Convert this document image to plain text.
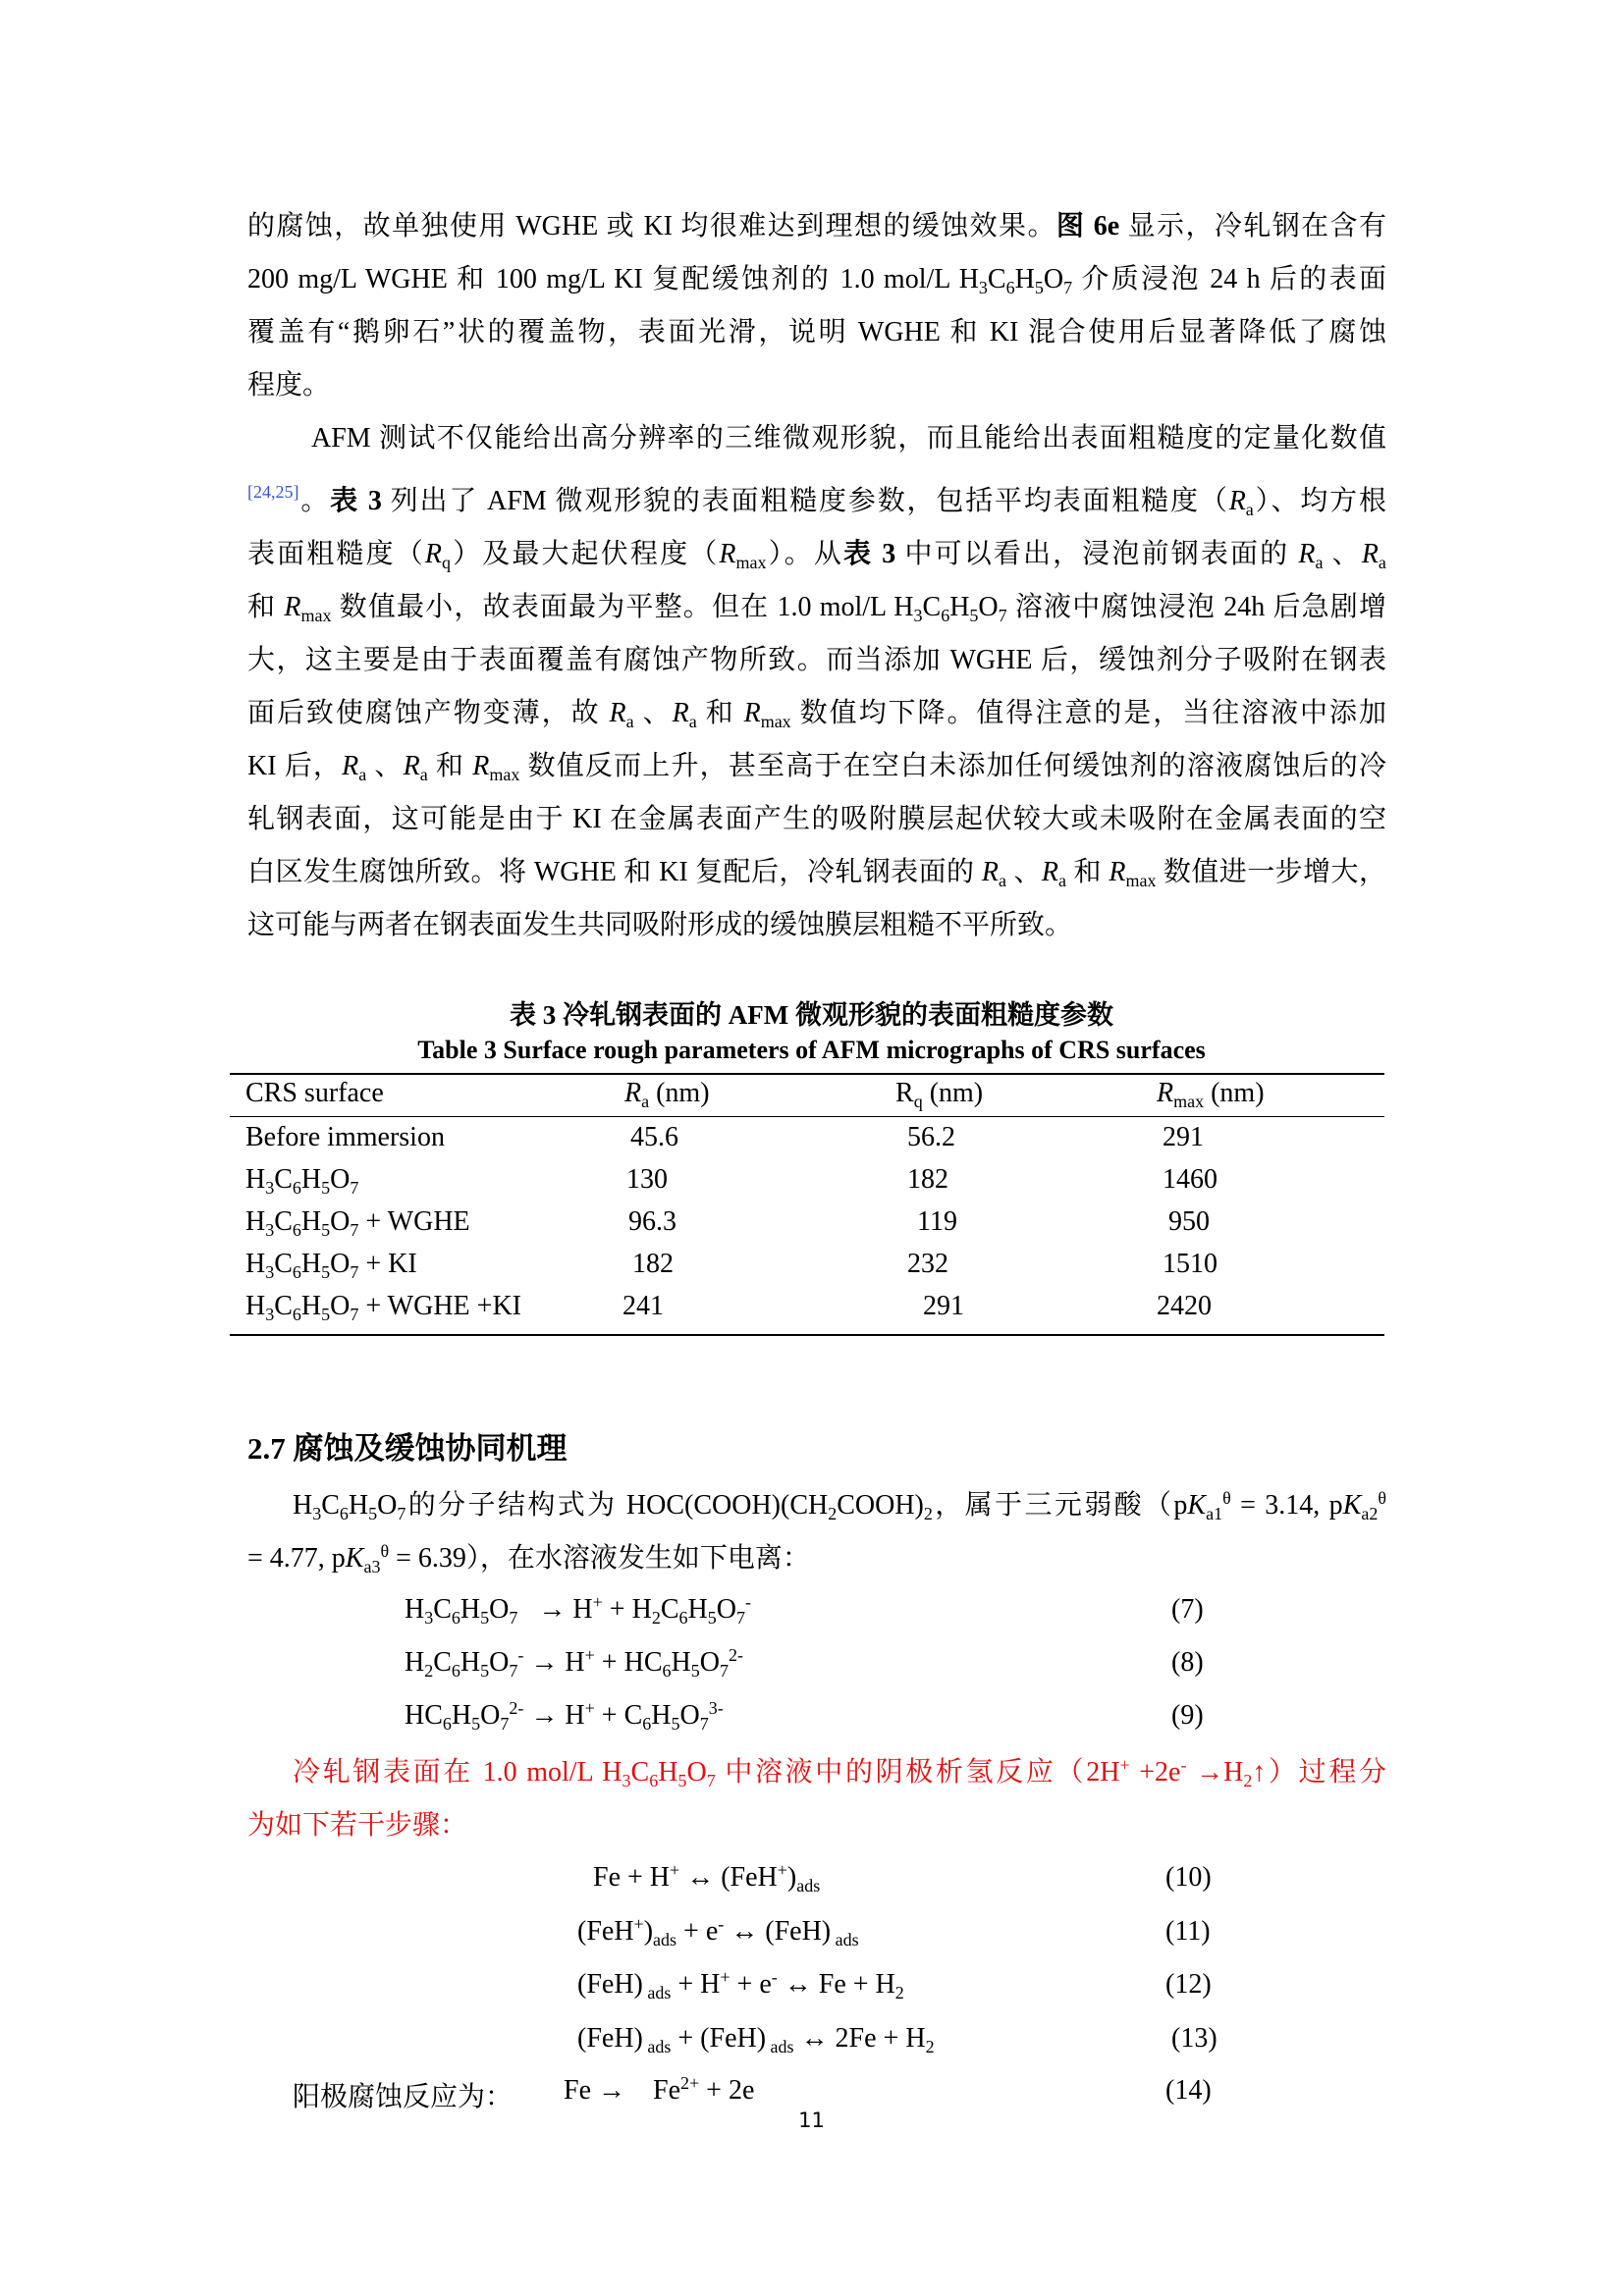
的腐蚀，故单独使用 WGHE 或 KI 均很难达到理想的缓蚀效果。图 6e 显示，冷轧钢在含有
200 mg/L WGHE 和 100 mg/L KI 复配缓蚀剂的 1.0 mol/L $H_3C_6H_5O_7$ 介质浸泡 24 h 后的表面
覆盖有“鹅卵石”状的覆盖物，表面光滑，说明 WGHE 和 KI 混合使用后显著降低了腐蚀
程度。
AFM 测试不仅能给出高分辨率的三维微观形貌，而且能给出表面粗糙度的定量化数值
[24,25]。表 3 列出了 AFM 微观形貌的表面粗糙度参数，包括平均表面粗糙度$(R_a)$、均方根
表面粗糙度$(R_q)$及最大起伏程度$(R_{max})$。从表 3 中可以看出，浸泡前钢表面的 $R_a$ 、$R_a$
和 $R_{max}$ 数值最小，故表面最为平整。但在 1.0 mol/L $H_3C_6H_5O_7$ 溶液中腐蚀浸泡 24h 后急剧增
大，这主要是由于表面覆盖有腐蚀产物所致。而当添加 WGHE 后，缓蚀剂分子吸附在钢表
面后致使腐蚀产物变薄，故 $R_a$ 、$R_a$ 和 $R_{max}$ 数值均下降。值得注意的是，当往溶液中添加
KI 后，$R_a$ 、$R_a$ 和 $R_{max}$ 数值反而上升，甚至高于在空白未添加任何缓蚀剂的溶液腐蚀后的冷
轧钢表面，这可能是由于 KI 在金属表面产生的吸附膜层起伏较大或未吸附在金属表面的空
白区发生腐蚀所致。将 WGHE 和 KI 复配后，冷轧钢表面的 $R_a$ 、$R_a$ 和 $R_{max}$ 数值进一步增大，
这可能与两者在钢表面发生共同吸附形成的缓蚀膜层粗糙不平所致。
表 3 冷轧钢表面的 AFM 微观形貌的表面粗糙度参数
Table 3 Surface rough parameters of AFM micrographs of CRS surfaces
CRS surface	$R_a$ (nm)	$R_q$ (nm)	$R_{max}$ (nm)
Before immersion	45.6	56.2	291
$H_3C_6H_5O_7$	130	182	1460
$H_3C_6H_5O_7$ + WGHE	96.3	119	950
$H_3C_6H_5O_7$ + KI	182	232	1510
$H_3C_6H_5O_7$ + WGHE +KI	241	291	2420
2.7 腐蚀及缓蚀协同机理
$H_3C_6H_5O_7$的分子结构式为 $HOC(COOH)(CH_2COOH)_2$，属于三元弱酸（$pK_{a1}^\theta = 3.14$, $pK_{a2}^\theta$
= 4.77, $pK_{a3}^\theta = 6.39$），在水溶液发生如下电离：
$H_3C_6H_5O_7 \to H^+ + H_2C_6H_5O_7^-$	(7)
$H_2C_6H_5O_7^- \to H^+ + HC_6H_5O_7^{2-}$	(8)
$HC_6H_5O_7^{2-} \to H^+ + C_6H_5O_7^{3-}$	(9)
冷轧钢表面在 1.0 mol/L $H_3C_6H_5O_7$ 中溶液中的阴极析氢反应$(2H^+ +2e^- \to H_2↑)$过程分
为如下若干步骤：
Fe + H+ ↔ $(FeH^+)_{ads}$	(10)
$(FeH^+)_{ads} + e^-$ ↔ (FeH) $_{ads}$	(11)
(FeH) $_{ads}$ + H+ + e- ↔ $Fe + H_2$	(12)
(FeH) $_{ads}$ + (FeH) $_{ads}$ ↔ $2Fe + H_2$	(13)
阳极腐蚀反应为： $Fe \to Fe^{2+} + 2e$	(14)
11
